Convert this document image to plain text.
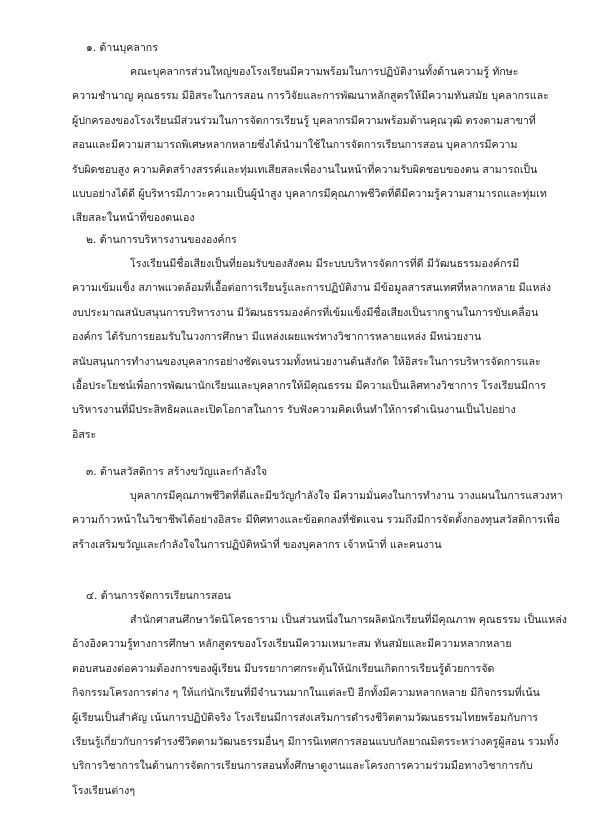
๑. ด้านบุคลากร
คณะบุคลากรส่วนใหญ่ของโรงเรียนมีความพร้อมในการปฏิบัติงานทั้งด้านความรู้ ทักษะ
ความชำนาญ คุณธรรม มีอิสระในการสอน การวิจัยและการพัฒนาหลักสูตรให้มีความทันสมัย บุคลากรและ
ผู้ปกครองของโรงเรียนมีส่วนร่วมในการจัดการเรียนรู้ บุคลากรมีความพร้อมด้านคุณวุฒิ ตรงตามสาขาที่
สอนและมีความสามารถพิเศษหลากหลายซึ่งได้นำมาใช้ในการจัดการเรียนการสอน บุคลากรมีความ
รับผิดชอบสูง ความคิดสร้างสรรค์และทุ่มเทเสียสละเพื่องานในหน้าที่ความรับผิดชอบของตน สามารถเป็น
แบบอย่างได้ดี ผู้บริหารมีภาวะความเป็นผู้นำสูง บุคลากรมีคุณภาพชีวิตที่ดีมีความรู้ความสามารถและทุ่มเท
เสียสละในหน้าที่ของตนเอง
๒. ด้านการบริหารงานขององค์กร
โรงเรียนมีชื่อเสียงเป็นที่ยอมรับของสังคม มีระบบบริหารจัดการที่ดี มีวัฒนธรรมองค์กรมี
ความเข้มแข็ง สภาพแวดล้อมที่เอื้อต่อการเรียนรู้และการปฏิบัติงาน มีข้อมูลสารสนเทศที่หลากหลาย มีแหล่ง
งบประมาณสนับสนุนการบริหารงาน มีวัฒนธรรมองค์กรที่เข้มแข็งมีชื่อเสียงเป็นรากฐานในการขับเคลื่อน
องค์กร ได้รับการยอมรับในวงการศึกษา มีแหล่งเผยแพร่ทางวิชาการหลายแหล่ง มีหน่วยงาน
สนับสนุนการทำงานของบุคลากรอย่างชัดเจนรวมทั้งหน่วยงานต้นสังกัด ให้อิสระในการบริหารจัดการและ
เอื้อประโยชน์เพื่อการพัฒนานักเรียนและบุคลากรให้มีคุณธรรม มีความเป็นเลิศทางวิชาการ โรงเรียนมีการ
บริหารงานที่มีประสิทธิผลและเปิดโอกาสในการ รับฟังความคิดเห็นทำให้การดำเนินงานเป็นไปอย่าง
อิสระ
๓. ด้านสวัสดิการ สร้างขวัญและกำลังใจ
บุคลากรมีคุณภาพชีวิตที่ดีและมีขวัญกำลังใจ มีความมั่นคงในการทำงาน วางแผนในการแสวงหา
ความก้าวหน้าในวิชาชีพได้อย่างอิสระ มีทิศทางและข้อตกลงที่ชัดแจน รวมถึงมีการจัดตั้งกองทุนสวัสดิการเพื่อ
สร้างเสริมขวัญและกำลังใจในการปฏิบัติหน้าที่ ของบุคลากร เจ้าหน้าที่ และคนงาน
๔. ด้านการจัดการเรียนการสอน
สำนักศาสนศึกษาวัดนิโครธาราม เป็นส่วนหนึ่งในการผลิตนักเรียนที่มีคุณภาพ คุณธรรม เป็นแหล่ง
อ้างอิงความรู้ทางการศึกษา หลักสูตรของโรงเรียนมีความเหมาะสม ทันสมัยและมีความหลากหลาย
ตอบสนองต่อความต้องการของผู้เรียน มีบรรยากาศกระตุ้นให้นักเรียนเกิดการเรียนรู้ด้วยการจัด
กิจกรรมโครงการต่าง ๆ ให้แก่นักเรียนที่มีจำนวนมากในแต่ละปี อีกทั้งมีความหลากหลาย มีกิจกรรมที่เน้น
ผู้เรียนเป็นสำคัญ เน้นการปฏิบัติจริง โรงเรียนมีการส่งเสริมการดำรงชีวิตตามวัฒนธรรมไทยพร้อมกับการ
เรียนรู้เกี่ยวกับการดำรงชีวิตตามวัฒนธรรมอื่นๆ มีการนิเทศการสอนแบบกัลยาณมิตรระหว่างครูผู้สอน รวมทั้ง
บริการวิชาการในด้านการจัดการเรียนการสอนทั้งศึกษาดูงานและโครงการความร่วมมือทางวิชาการกับ
โรงเรียนต่างๆ
